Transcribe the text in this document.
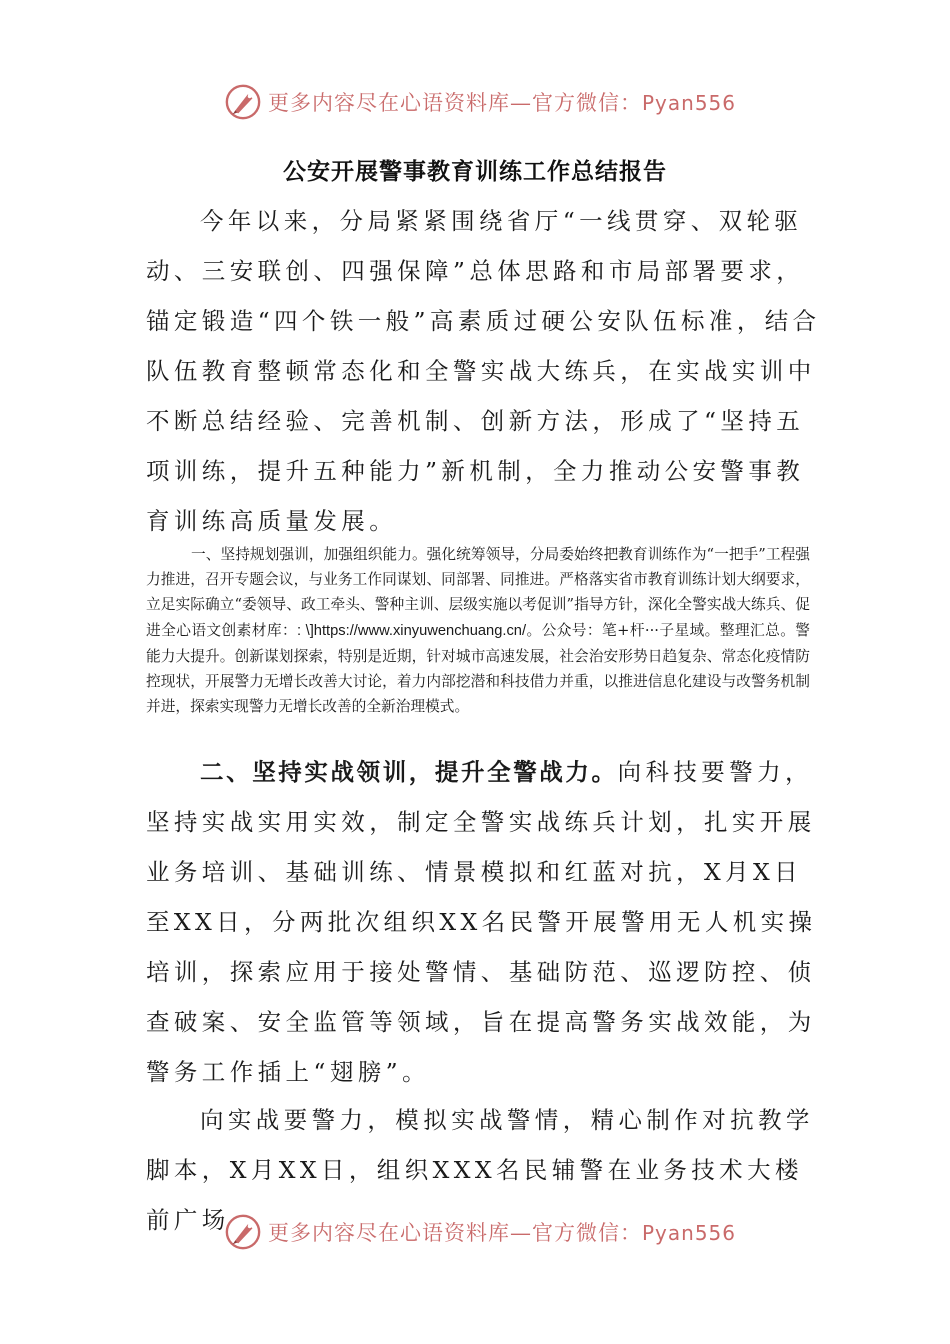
更多内容尽在心语资料库—官方微信：Pyan556
公安开展警事教育训练工作总结报告

今年以来，分局紧紧围绕省厅“一线贯穿、双轮驱动、三安联创、四强保障”总体思路和市局部署要求，锚定锻造“四个铁一般”高素质过硬公安队伍标准，结合队伍教育整顿常态化和全警实战大练兵，在实战实训中不断总结经验、完善机制、创新方法，形成了“坚持五项训练，提升五种能力”新机制，全力推动公安警事教育训练高质量发展。

一、坚持规划强训，加强组织能力。强化统筹领导，分局委始终把教育训练作为“一把手”工程强力推进，召开专题会议，与业务工作同谋划、同部署、同推进。严格落实省市教育训练计划大纲要求，立足实际确立“委领导、政工牵头、警种主训、层级实施以考促训”指导方针，深化全警实战大练兵、促进全心语文创素材库：: \]https://www.xinyuwenchuang.cn/。公众号：笔+杆···子星域。整理汇总。警能力大提升。创新谋划探索，特别是近期，针对城市高速发展，社会治安形势日趋复杂、常态化疫情防控现状，开展警力无增长改善大讨论，着力内部挖潜和科技借力并重，以推进信息化建设与改警务机制并进，探索实现警力无增长改善的全新治理模式。

二、坚持实战领训，提升全警战力。向科技要警力，坚持实战实用实效，制定全警实战练兵计划，扎实开展业务培训、基础训练、情景模拟和红蓝对抗，X月X日至XX日，分两批次组织XX名民警开展警用无人机实操培训，探索应用于接处警情、基础防范、巡逻防控、侦查破案、安全监管等领域，旨在提高警务实战效能，为警务工作插上“翅膀”。

向实战要警力，模拟实战警情，精心制作对抗教学脚本，X月XX日，组织XXX名民辅警在业务技术大楼前广场	更多内容尽在心语资料库—官方微信：Pyan556
